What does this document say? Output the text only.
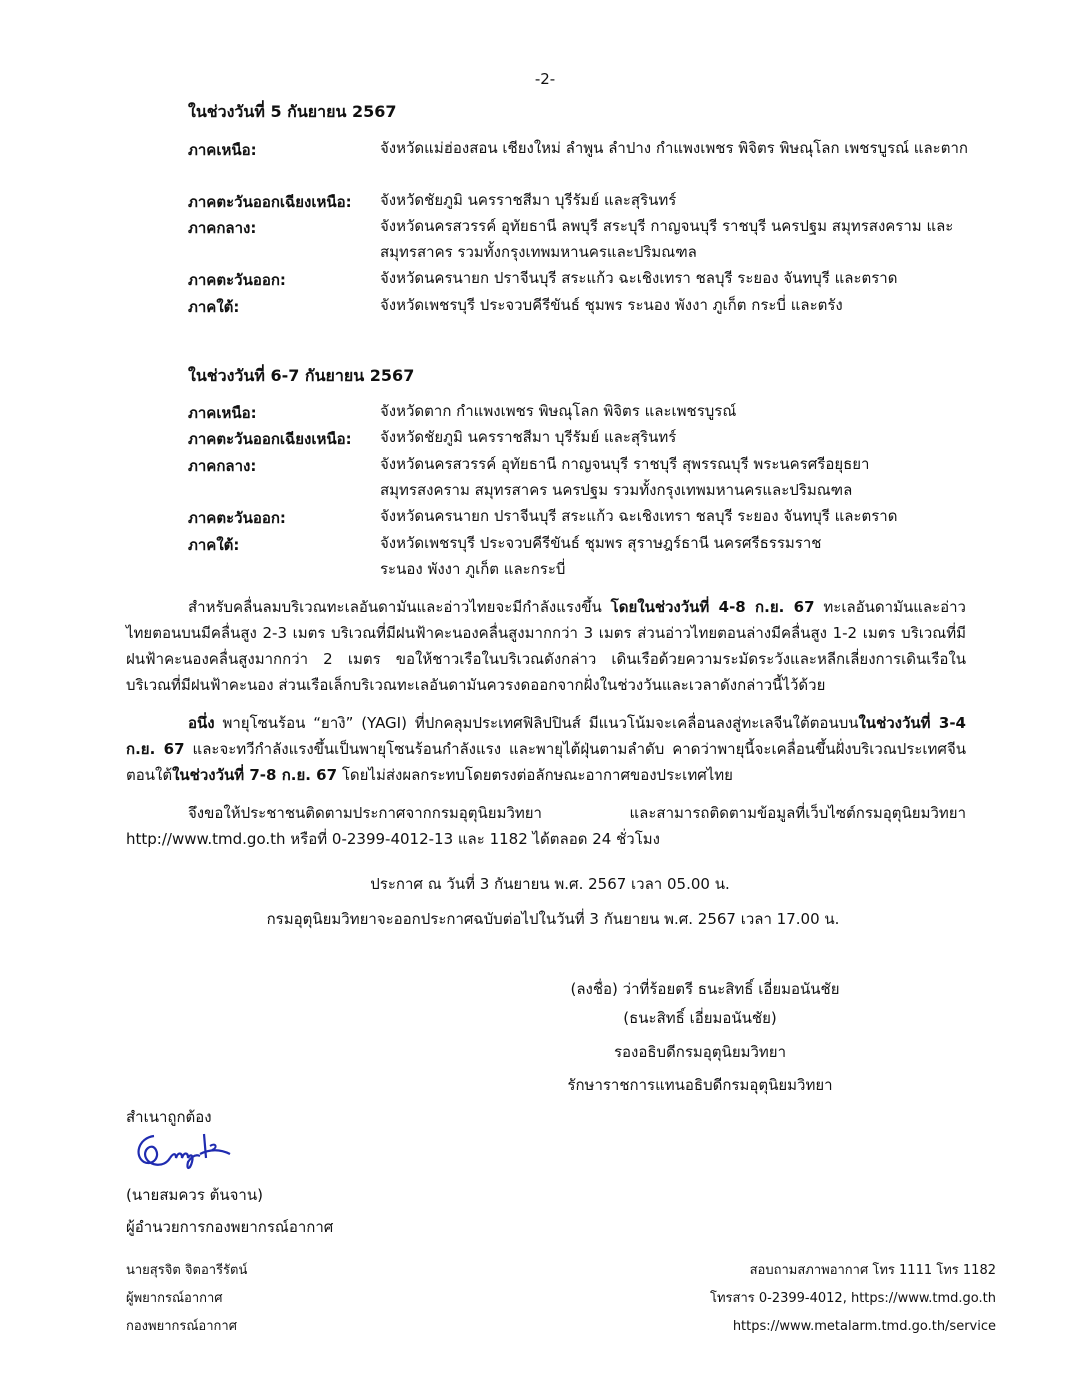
-2-
ในช่วงวันที่ 5 กันยายน 2567
ภาคเหนือ:	จังหวัดแม่ฮ่องสอน เชียงใหม่ ลำพูน ลำปาง กำแพงเพชร พิจิตร พิษณุโลก เพชรบูรณ์ และตาก
ภาคตะวันออกเฉียงเหนือ: จังหวัดชัยภูมิ นครราชสีมา บุรีรัมย์ และสุรินทร์
ภาคกลาง:	จังหวัดนครสวรรค์ อุทัยธานี ลพบุรี สระบุรี กาญจนบุรี ราชบุรี นครปฐม สมุทรสงคราม และสมุทรสาคร รวมทั้งกรุงเทพมหานครและปริมณฑล
ภาคตะวันออก:	จังหวัดนครนายก ปราจีนบุรี สระแก้ว ฉะเชิงเทรา ชลบุรี ระยอง จันทบุรี และตราด
ภาคใต้:	จังหวัดเพชรบุรี ประจวบคีรีขันธ์ ชุมพร ระนอง พังงา ภูเก็ต กระบี่ และตรัง
ในช่วงวันที่ 6-7 กันยายน 2567
ภาคเหนือ:	จังหวัดตาก กำแพงเพชร พิษณุโลก พิจิตร และเพชรบูรณ์
ภาคตะวันออกเฉียงเหนือ: จังหวัดชัยภูมิ นครราชสีมา บุรีรัมย์ และสุรินทร์
ภาคกลาง:	จังหวัดนครสวรรค์ อุทัยธานี กาญจนบุรี ราชบุรี สุพรรณบุรี พระนครศรีอยุธยา สมุทรสงคราม สมุทรสาคร นครปฐม รวมทั้งกรุงเทพมหานครและปริมณฑล
ภาคตะวันออก:	จังหวัดนครนายก ปราจีนบุรี สระแก้ว ฉะเชิงเทรา ชลบุรี ระยอง จันทบุรี และตราด
ภาคใต้:	จังหวัดเพชรบุรี ประจวบคีรีขันธ์ ชุมพร สุราษฎร์ธานี นครศรีธรรมราช ระนอง พังงา ภูเก็ต และกระบี่
สำหรับคลื่นลมบริเวณทะเลอันดามันและอ่าวไทยจะมีกำลังแรงขึ้น โดยในช่วงวันที่ 4-8 ก.ย. 67 ทะเลอันดามันและอ่าวไทยตอนบนมีคลื่นสูง 2-3 เมตร บริเวณที่มีฝนฟ้าคะนองคลื่นสูงมากกว่า 3 เมตร ส่วนอ่าวไทยตอนล่างมีคลื่นสูง 1-2 เมตร บริเวณที่มีฝนฟ้าคะนองคลื่นสูงมากกว่า 2 เมตร ขอให้ชาวเรือในบริเวณดังกล่าว เดินเรือด้วยความระมัดระวังและหลีกเลี่ยงการเดินเรือในบริเวณที่มีฝนฟ้าคะนอง ส่วนเรือเล็กบริเวณทะเลอันดามันควรงดออกจากฝั่งในช่วงวันและเวลาดังกล่าวนี้ไว้ด้วย
อนึ่ง พายุโซนร้อน “ยางิ” (YAGI) ที่ปกคลุมประเทศฟิลิปปินส์ มีแนวโน้มจะเคลื่อนลงสู่ทะเลจีนใต้ตอนบนในช่วงวันที่ 3-4 ก.ย. 67 และจะทวีกำลังแรงขึ้นเป็นพายุโซนร้อนกำลังแรง และพายุไต้ฝุ่นตามลำดับ คาดว่าพายุนี้จะเคลื่อนขึ้นฝั่งบริเวณประเทศจีนตอนใต้ในช่วงวันที่ 7-8 ก.ย. 67 โดยไม่ส่งผลกระทบโดยตรงต่อลักษณะอากาศของประเทศไทย
จึงขอให้ประชาชนติดตามประกาศจากกรมอุตุนิยมวิทยา และสามารถติดตามข้อมูลที่เว็บไซต์กรมอุตุนิยมวิทยา http://www.tmd.go.th หรือที่ 0-2399-4012-13 และ 1182 ได้ตลอด 24 ชั่วโมง
ประกาศ ณ วันที่ 3 กันยายน พ.ศ. 2567 เวลา 05.00 น.
กรมอุตุนิยมวิทยาจะออกประกาศฉบับต่อไปในวันที่ 3 กันยายน พ.ศ. 2567 เวลา 17.00 น.
(ลงชื่อ) ว่าที่ร้อยตรี ธนะสิทธิ์ เอี่ยมอนันชัย
(ธนะสิทธิ์ เอี่ยมอนันชัย)
รองอธิบดีกรมอุตุนิยมวิทยา
รักษาราชการแทนอธิบดีกรมอุตุนิยมวิทยา
สำเนาถูกต้อง
(นายสมควร ต้นจาน)
ผู้อำนวยการกองพยากรณ์อากาศ
นายสุรจิต จิตอารีรัตน์
ผู้พยากรณ์อากาศ
กองพยากรณ์อากาศ
สอบถามสภาพอากาศ โทร 1111 โทร 1182
โทรสาร 0-2399-4012, https://www.tmd.go.th
https://www.metalarm.tmd.go.th/service
